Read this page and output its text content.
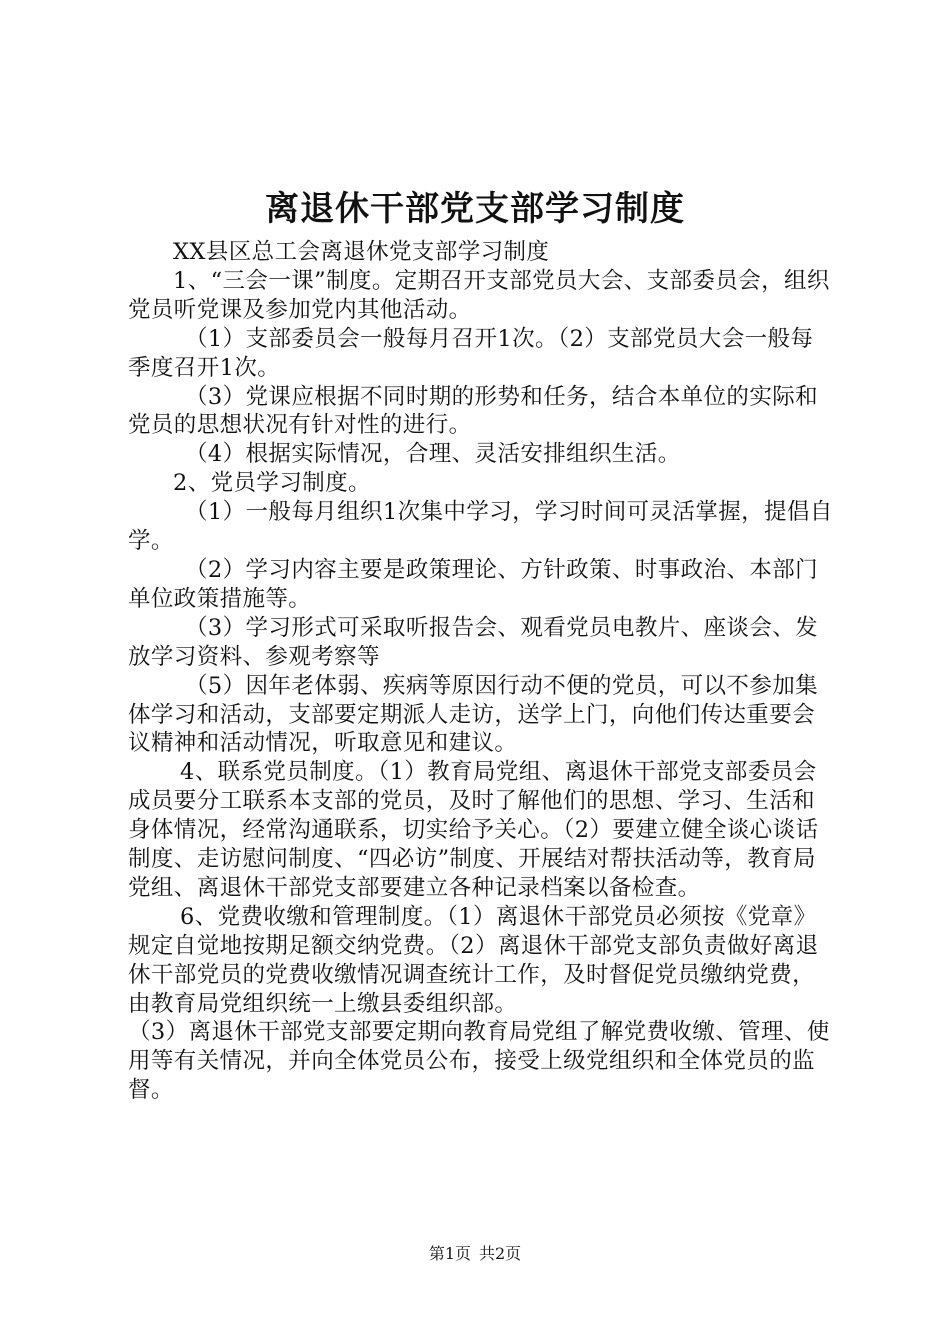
离退休干部党支部学习制度

XX县区总工会离退休党支部学习制度

1、“三会一课”制度。定期召开支部党员大会、支部委员会，组织党员听党课及参加党内其他活动。

（1）支部委员会一般每月召开1次。（2）支部党员大会一般每季度召开1次。

（3）党课应根据不同时期的形势和任务，结合本单位的实际和党员的思想状况有针对性的进行。

（4）根据实际情况，合理、灵活安排组织生活。

2、党员学习制度。

（1）一般每月组织1次集中学习，学习时间可灵活掌握，提倡自学。

（2）学习内容主要是政策理论、方针政策、时事政治、本部门单位政策措施等。

（3）学习形式可采取听报告会、观看党员电教片、座谈会、发放学习资料、参观考察等

（5）因年老体弱、疾病等原因行动不便的党员，可以不参加集体学习和活动，支部要定期派人走访，送学上门，向他们传达重要会议精神和活动情况，听取意见和建议。

4、联系党员制度。（1）教育局党组、离退休干部党支部委员会成员要分工联系本支部的党员，及时了解他们的思想、学习、生活和身体情况，经常沟通联系，切实给予关心。（2）要建立健全谈心谈话制度、走访慰问制度、“四必访”制度、开展结对帮扶活动等，教育局党组、离退休干部党支部要建立各种记录档案以备检查。

6、党费收缴和管理制度。（1）离退休干部党员必须按《党章》规定自觉地按期足额交纳党费。（2）离退休干部党支部负责做好离退休干部党员的党费收缴情况调查统计工作，及时督促党员缴纳党费，由教育局党组织统一上缴县委组织部。

（3）离退休干部党支部要定期向教育局党组了解党费收缴、管理、使用等有关情况，并向全体党员公布，接受上级党组织和全体党员的监督。

第1页 共2页
